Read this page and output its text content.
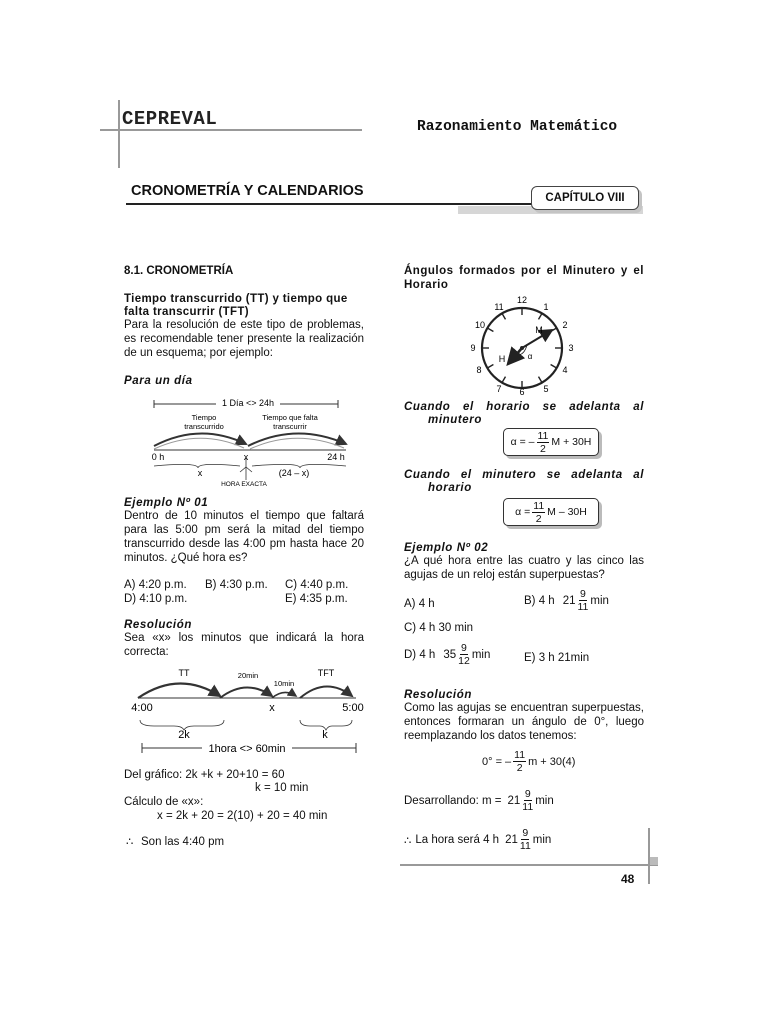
CEPREVAL	Razonamiento Matemático
CRONOMETRÍA Y CALENDARIOS	CAPÍTULO VIII
8.1. CRONOMETRÍA
Tiempo transcurrido (TT) y tiempo que
falta transcurrir (TFT)
Para la resolución de este tipo de problemas, es recomendable tener presente la realización de un esquema; por ejemplo:
Para un día
1 Día <> 24h
Tiempo
transcurrido
Tiempo que falta
transcurrir
0 h	x	24 h
x	(24 – x)
HORA EXACTA
Ejemplo Nº 01
Dentro de 10 minutos el tiempo que faltará para las 5:00 pm será la mitad del tiempo transcurrido desde las 4:00 pm hasta hace 20 minutos. ¿Qué hora es?
A) 4:20 p.m. B) 4:30 p.m. C) 4:40 p.m.
D) 4:10 p.m.	E) 4:35 p.m.
Resolución
Sea «x» los minutos que indicará la hora correcta:
TT	20min
10min
TFT
4:00	x	5:00
2k	k
1hora <> 60min
Del gráfico: 2k +k + 20+10 = 60
k = 10 min
Cálculo de «x»:
x = 2k + 20 = 2(10) + 20 = 40 min
∴ Son las 4:40 pm
Ángulos formados por el Minutero y el Horario
12
1
2
3
4
5
6
7
8
9
10
11
M
H	α
Cuando el horario se adelanta al
minutero
α = – $\frac{11}{2}$ M + 30H
Cuando el minutero se adelanta al
horario
$\alpha = \frac{11}{2}$ M – 30H
Ejemplo Nº 02
¿A qué hora entre las cuatro y las cinco las agujas de un reloj están superpuestas?
A) 4 h	B) 4 h $21 \frac{9}{11}$ min
C) 4 h 30 min
D) 4 h $35 \frac{9}{12}$ min	E) 3 h 21min
Resolución
Como las agujas se encuentran superpuestas, entonces formaran un ángulo de 0°, luego reemplazando los datos tenemos:
0° = – $\frac{11}{2}$ m + 30(4)
Desarrollando: $m = 21 \frac{9}{11}$ min
∴ La hora será 4 h $21 \frac{9}{11}$ min
48
